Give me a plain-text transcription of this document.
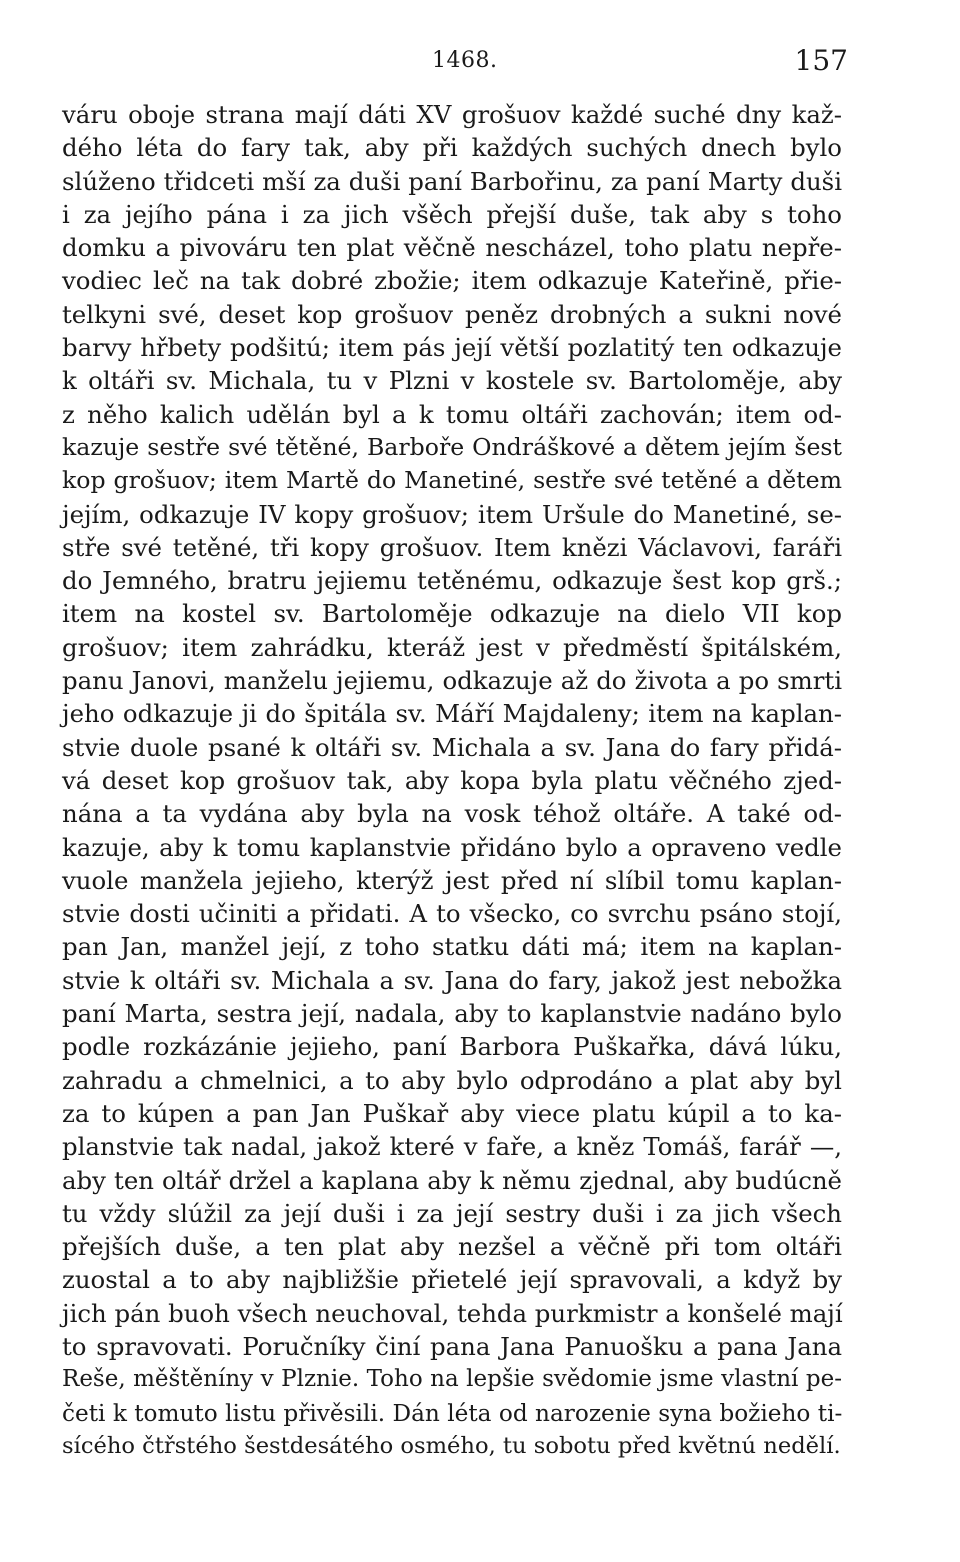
1468.	157
váru oboje strana mají dáti XV grošuov každé suché dny kaž-
dého léta do fary tak, aby při každých suchých dnech bylo
slúženo třidceti mší za duši paní Barbořinu, za paní Marty duši
i za jejího pána i za jich všěch přejší duše, tak aby s toho
domku a pivováru ten plat věčně nescházel, toho platu nepře-
vodiec leč na tak dobré zbožie; item odkazuje Kateřině, přie-
telkyni své, deset kop grošuov peněz drobných a sukni nové
barvy hřbety podšitú; item pás její větší pozlatitý ten odkazuje
k oltáři sv. Michala, tu v Plzni v kostele sv. Bartoloměje, aby
z něho kalich udělán byl a k tomu oltáři zachován; item od-
kazuje sestře své tětěné, Barboře Ondráškové a dětem jejím šest
kop grošuov; item Martě do Manetiné, sestře své tetěné a dětem
jejím, odkazuje IV kopy grošuov; item Uršule do Manetiné, se-
stře své tetěné, tři kopy grošuov. Item knězi Václavovi, faráři
do Jemného, bratru jejiemu tetěnému, odkazuje šest kop grš.;
item na kostel sv. Bartoloměje odkazuje na dielo VII kop
grošuov; item zahrádku, kteráž jest v předměstí špitálském,
panu Janovi, manželu jejiemu, odkazuje až do života a po smrti
jeho odkazuje ji do špitála sv. Máří Majdaleny; item na kaplan-
stvie duole psané k oltáři sv. Michala a sv. Jana do fary přidá-
vá deset kop grošuov tak, aby kopa byla platu věčného zjed-
nána a ta vydána aby byla na vosk téhož oltáře. A také od-
kazuje, aby k tomu kaplanstvie přidáno bylo a opraveno vedle
vuole manžela jejieho, kterýž jest před ní slíbil tomu kaplan-
stvie dosti učiniti a přidati. A to všecko, co svrchu psáno stojí,
pan Jan, manžel její, z toho statku dáti má; item na kaplan-
stvie k oltáři sv. Michala a sv. Jana do fary, jakož jest nebožka
paní Marta, sestra její, nadala, aby to kaplanstvie nadáno bylo
podle rozkázánie jejieho, paní Barbora Puškařka, dává lúku,
zahradu a chmelnici, a to aby bylo odprodáno a plat aby byl
za to kúpen a pan Jan Puškař aby viece platu kúpil a to ka-
planstvie tak nadal, jakož které v faře, a kněz Tomáš, farář —,
aby ten oltář držel a kaplana aby k němu zjednal, aby budúcně
tu vždy slúžil za její duši i za její sestry duši i za jich všech
přejších duše, a ten plat aby nezšel a věčně při tom oltáři
zuostal a to aby najbližšie přietelé její spravovali, a když by
jich pán buoh všech neuchoval, tehda purkmistr a konšelé mají
to spravovati. Poručníky činí pana Jana Panuošku a pana Jana
Reše, měštěníny v Plznie. Toho na lepšie svědomie jsme vlastní pe-
četi k tomuto listu přivěsili. Dán léta od narozenie syna božieho ti-
sícého čtřstého šestdesátého osmého, tu sobotu před květnú nedělí.
